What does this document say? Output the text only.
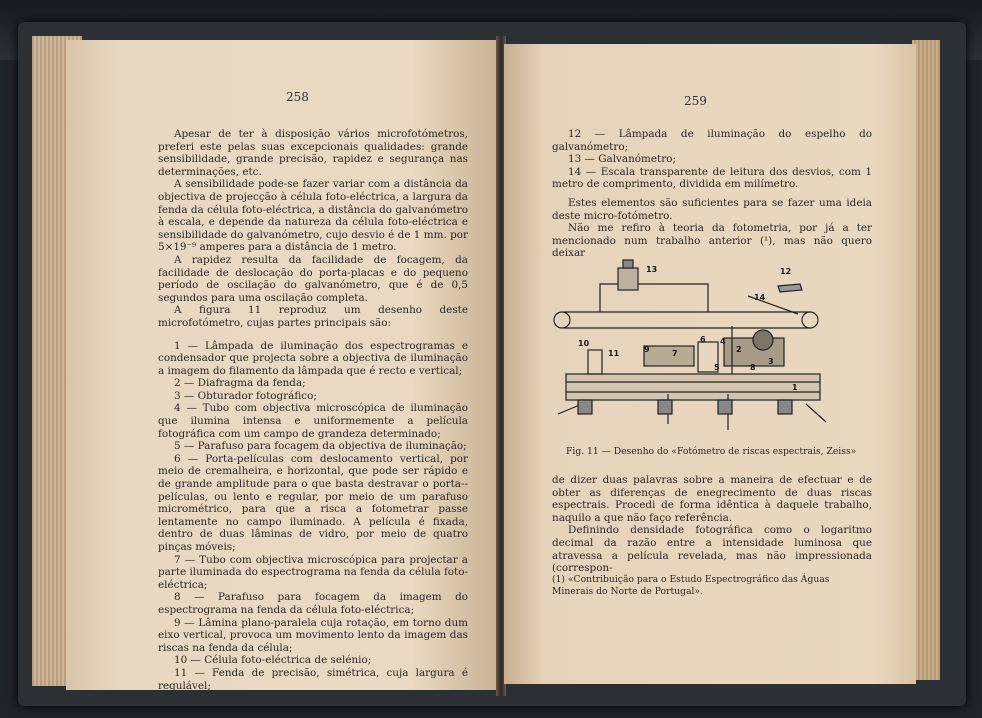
258

Apesar de ter à disposição vários microfotómetros, preferi este pelas suas excepcionais qualidades: grande sensibilidade, grande precisão, rapidez e segurança nas determinações, etc.

A sensibilidade pode-se fazer variar com a distância da objectiva de projecção à célula foto-eléctrica, a largura da fenda da célula foto-eléctrica, a distância do galvanómetro à escala, e depende da natureza da célula foto-eléctrica e sensibilidade do galvanómetro, cujo desvio é de 1 mm. por 5×19⁻⁹ amperes para a distância de 1 metro.

A rapidez resulta da facilidade de focagem, da facilidade de deslocação do porta-placas e do pequeno período de oscilação do galvanómetro, que é de 0,5 segundos para uma oscilação completa.

A figura 11 reproduz um desenho deste microfotómetro, cujas partes principais são:

1 — Lâmpada de iluminação dos espectrogramas e condensador que projecta sobre a objectiva de iluminação a imagem do filamento da lâmpada que é recto e vertical;

2 — Diafragma da fenda;

3 — Obturador fotográfico;

4 — Tubo com objectiva microscópica de iluminação que ilumina intensa e uniformemente a película fotográfica com um campo de grandeza determinado;

5 — Parafuso para focagem da objectiva de iluminação;

6 — Porta-películas com deslocamento vertical, por meio de cremalheira, e horizontal, que pode ser rápido e de grande amplitude para o que basta destravar o porta--películas, ou lento e regular, por meio de um parafuso micrométrico, para que a risca a fotometrar passe lentamente no campo iluminado. A película é fixada, dentro de duas lâminas de vidro, por meio de quatro pinças móveis;

7 — Tubo com objectiva microscópica para projectar a parte iluminada do espectrograma na fenda da célula foto-eléctrica;

8 — Parafuso para focagem da imagem do espectrograma na fenda da célula foto-eléctrica;

9 — Lâmina plano-paralela cuja rotação, em torno dum eixo vertical, provoca um movimento lento da imagem das riscas na fenda da célula;

10 — Célula foto-eléctrica de selénio;

11 — Fenda de precisão, simétrica, cuja largura é regulável;

259

12 — Lâmpada de iluminação do espelho do galvanómetro;

13 — Galvanómetro;

14 — Escala transparente de leitura dos desvios, com 1 metro de comprimento, dividida em milímetro.

Estes elementos são suficientes para se fazer uma ideia deste micro-fotómetro.

Não me refiro à teoria da fotometria, por já a ter mencionado num trabalho anterior (¹), mas não quero deixar

13	12
14
10
11	9	7
6 4
2
5	8
3
1
Fig. 11 — Desenho do «Fotómetro de riscas espectrais, Zeiss»

de dizer duas palavras sobre a maneira de efectuar e de obter as diferenças de enegrecimento de duas riscas espectrais. Procedi de forma idêntica à daquele trabalho, naquilo a que não faço referência.

Definindo densidade fotográfica como o logaritmo decimal da razão entre a intensidade luminosa que atravessa a película revelada, mas não impressionada (correspon-

(1) «Contribuição para o Estudo Espectrográfico das Águas Minerais do Norte de Portugal».
